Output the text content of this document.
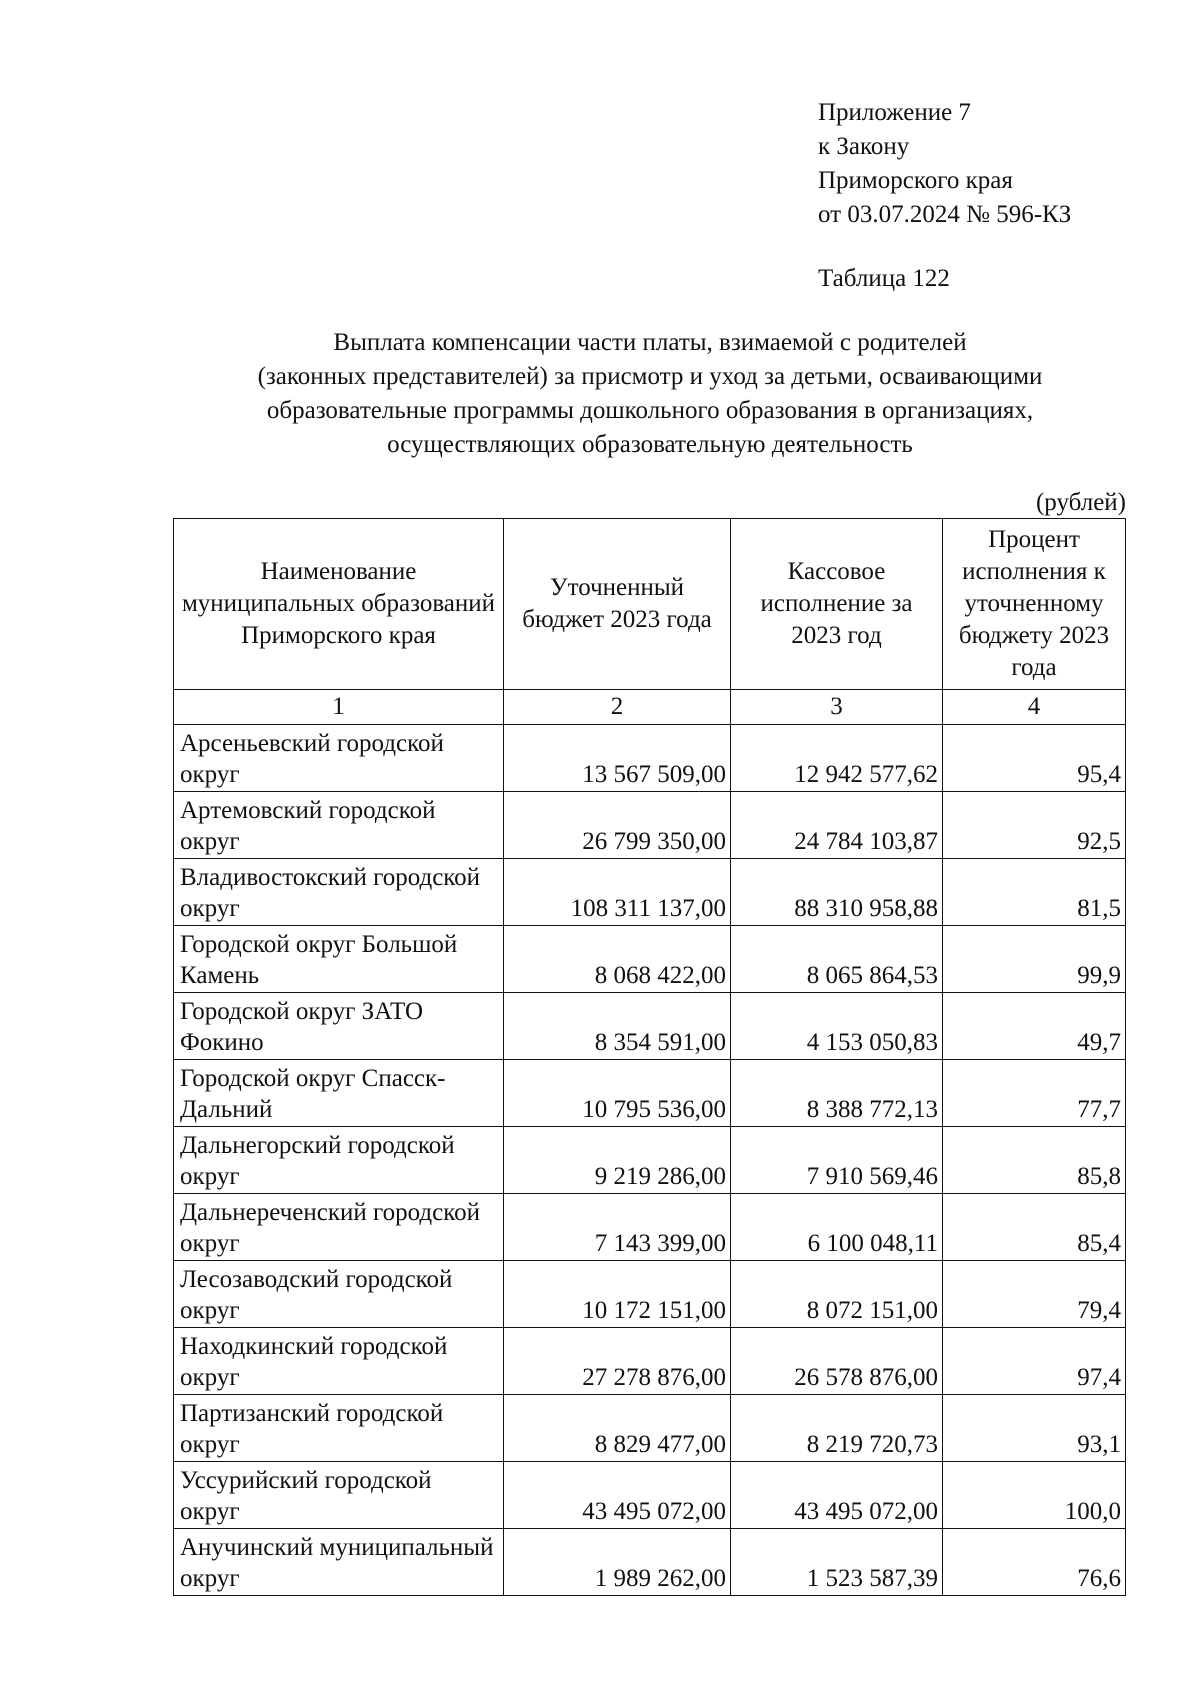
Приложение 7
к Закону
Приморского края
от 03.07.2024 № 596-КЗ
Таблица 122
Выплата компенсации части платы, взимаемой с родителей
(законных представителей) за присмотр и уход за детьми, осваивающими
образовательные программы дошкольного образования в организациях,
осуществляющих образовательную деятельность
(рублей)
Наименование муниципальных образований Приморского края	Уточненный бюджет 2023 года	Кассовое исполнение за 2023 год	Процент исполнения к уточненному бюджету 2023 года
1	2	3	4
Арсеньевский городской округ	13 567 509,00	12 942 577,62	95,4
Артемовский городской округ	26 799 350,00	24 784 103,87	92,5
Владивостокский городской округ	108 311 137,00	88 310 958,88	81,5
Городской округ Большой Камень	8 068 422,00	8 065 864,53	99,9
Городской округ ЗАТО Фокино	8 354 591,00	4 153 050,83	49,7
Городской округ Спасск-Дальний	10 795 536,00	8 388 772,13	77,7
Дальнегорский городской округ	9 219 286,00	7 910 569,46	85,8
Дальнереченский городской округ	7 143 399,00	6 100 048,11	85,4
Лесозаводский городской округ	10 172 151,00	8 072 151,00	79,4
Находкинский городской округ	27 278 876,00	26 578 876,00	97,4
Партизанский городской округ	8 829 477,00	8 219 720,73	93,1
Уссурийский городской округ	43 495 072,00	43 495 072,00	100,0
Анучинский муниципальный округ	1 989 262,00	1 523 587,39	76,6
